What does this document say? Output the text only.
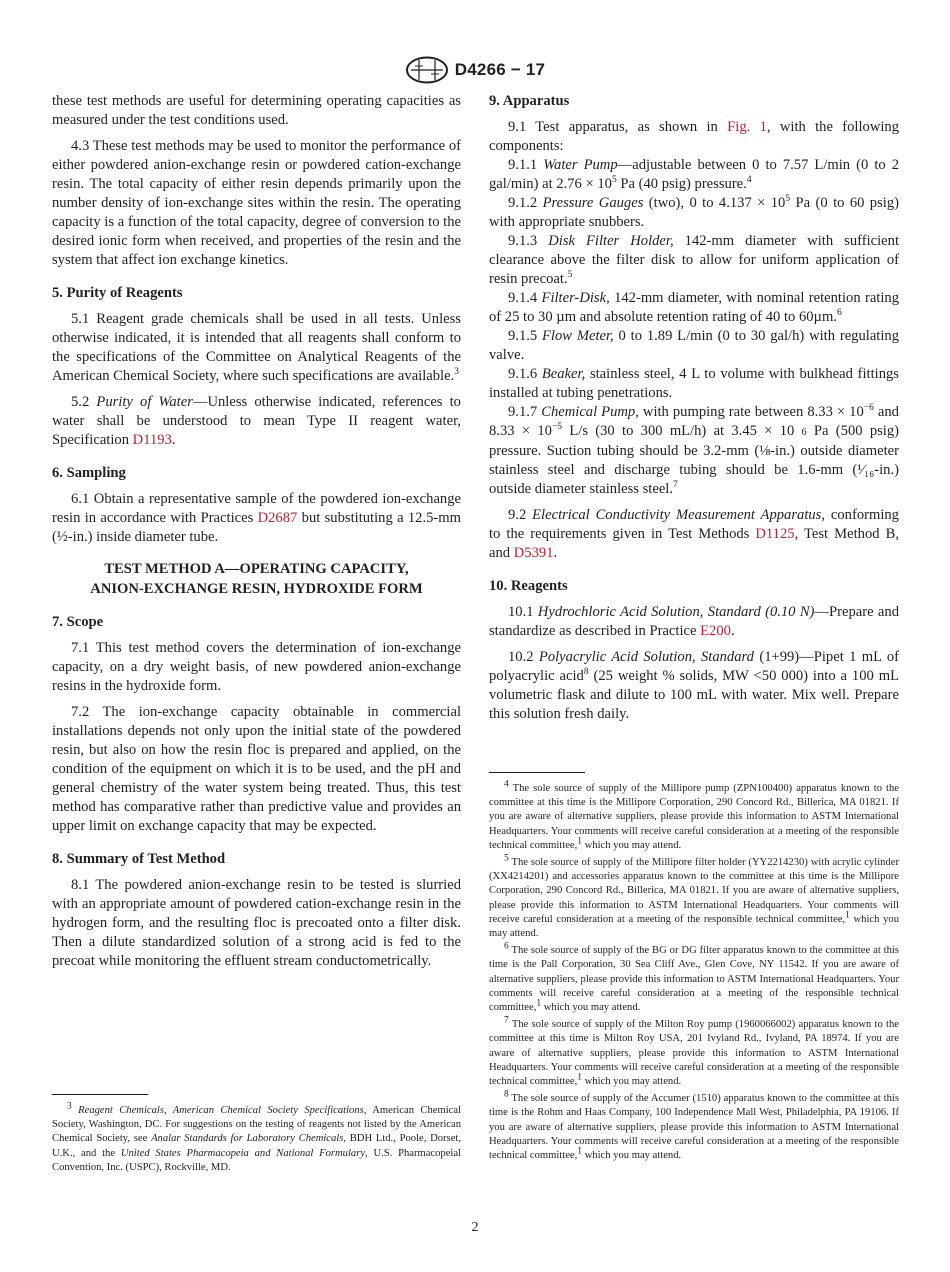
D4266 − 17

these test methods are useful for determining operating capacities as measured under the test conditions used.

4.3 These test methods may be used to monitor the performance of either powdered anion-exchange resin or powdered cation-exchange resin. The total capacity of either resin depends primarily upon the number density of ion-exchange sites within the resin. The operating capacity is a function of the total capacity, degree of conversion to the desired ionic form when received, and properties of the resin and the system that affect ion exchange kinetics.

5. Purity of Reagents

5.1 Reagent grade chemicals shall be used in all tests. Unless otherwise indicated, it is intended that all reagents shall conform to the specifications of the Committee on Analytical Reagents of the American Chemical Society, where such specifications are available.$^3$

5.2 Purity of Water—Unless otherwise indicated, references to water shall be understood to mean Type II reagent water, Specification D1193.

6. Sampling

6.1 Obtain a representative sample of the powdered ion-exchange resin in accordance with Practices D2687 but substituting a 12.5-mm (½-in.) inside diameter tube.

TEST METHOD A—OPERATING CAPACITY,
ANION-EXCHANGE RESIN, HYDROXIDE FORM

7. Scope

7.1 This test method covers the determination of ion-exchange capacity, on a dry weight basis, of new powdered anion-exchange resins in the hydroxide form.

7.2 The ion-exchange capacity obtainable in commercial installations depends not only upon the initial state of the powdered resin, but also on how the resin floc is prepared and applied, on the condition of the equipment on which it is to be used, and the pH and general chemistry of the water system being treated. Thus, this test method has comparative rather than predictive value and provides an upper limit on exchange capacity that may be expected.

8. Summary of Test Method

8.1 The powdered anion-exchange resin to be tested is slurried with an appropriate amount of powdered cation-exchange resin in the hydrogen form, and the resulting floc is precoated onto a filter disk. Then a dilute standardized solution of a strong acid is fed to the precoat while monitoring the effluent stream conductometrically.

9. Apparatus

9.1 Test apparatus, as shown in Fig. 1, with the following components:

9.1.1 Water Pump—adjustable between 0 to 7.57 L/min (0 to 2 gal/min) at $2.76 \times 10^5$ Pa (40 psig) pressure.$^4$

9.1.2 Pressure Gauges (two), 0 to $4.137 \times 10^5$ Pa (0 to 60 psig) with appropriate snubbers.

9.1.3 Disk Filter Holder, 142-mm diameter with sufficient clearance above the filter disk to allow for uniform application of resin precoat.$^5$

9.1.4 Filter-Disk, 142-mm diameter, with nominal retention rating of 25 to 30 µm and absolute retention rating of 40 to 60µm.$^6$

9.1.5 Flow Meter, 0 to 1.89 L/min (0 to 30 gal/h) with regulating valve.

9.1.6 Beaker, stainless steel, 4 L to volume with bulkhead fittings installed at tubing penetrations.

9.1.7 Chemical Pump, with pumping rate between $8.33 \times 10^{-6}$ and $8.33 \times 10^{-5}$ L/s (30 to 300 mL/h) at 3.45 × 10 6 Pa (500 psig) pressure. Suction tubing should be 3.2-mm (⅛-in.) outside diameter stainless steel and discharge tubing should be 1.6-mm (¹⁄₁₆-in.) outside diameter stainless steel.$^7$

9.2 Electrical Conductivity Measurement Apparatus, conforming to the requirements given in Test Methods D1125, Test Method B, and D5391.

10. Reagents

10.1 Hydrochloric Acid Solution, Standard (0.10 N)—Prepare and standardize as described in Practice E200.

10.2 Polyacrylic Acid Solution, Standard (1+99)—Pipet 1 mL of polyacrylic acid$^8$ (25 weight % solids, MW <50 000) into a 100 mL volumetric flask and dilute to 100 mL with water. Mix well. Prepare this solution fresh daily.

$^3$ Reagent Chemicals, American Chemical Society Specifications, American Chemical Society, Washington, DC. For suggestions on the testing of reagents not listed by the American Chemical Society, see Analar Standards for Laboratory Chemicals, BDH Ltd., Poole, Dorset, U.K., and the United States Pharmacopeia and National Formulary, U.S. Pharmacopeial Convention, Inc. (USPC), Rockville, MD.

$^4$ The sole source of supply of the Millipore pump (ZPN100400) apparatus known to the committee at this time is the Millipore Corporation, 290 Concord Rd., Billerica, MA 01821. If you are aware of alternative suppliers, please provide this information to ASTM International Headquarters. Your comments will receive careful consideration at a meeting of the responsible technical committee,$^1$ which you may attend.

$^5$ The sole source of supply of the Millipore filter holder (YY2214230) with acrylic cylinder (XX4214201) and accessories apparatus known to the committee at this time is the Millipore Corporation, 290 Concord Rd., Billerica, MA 01821. If you are aware of alternative suppliers, please provide this information to ASTM International Headquarters. Your comments will receive careful consideration at a meeting of the responsible technical committee,$^1$ which you may attend.

$^6$ The sole source of supply of the BG or DG filter apparatus known to the committee at this time is the Pall Corporation, 30 Sea Cliff Ave., Glen Cove, NY 11542. If you are aware of alternative suppliers, please provide this information to ASTM International Headquarters. Your comments will receive careful consideration at a meeting of the responsible technical committee,$^1$ which you may attend.

$^7$ The sole source of supply of the Milton Roy pump (1960066002) apparatus known to the committee at this time is Milton Roy USA, 201 Ivyland Rd., Ivyland, PA 18974. If you are aware of alternative suppliers, please provide this information to ASTM International Headquarters. Your comments will receive careful consideration at a meeting of the responsible technical committee,$^1$ which you may attend.

$^8$ The sole source of supply of the Accumer (1510) apparatus known to the committee at this time is the Rohm and Haas Company, 100 Independence Mall West, Philadelphia, PA 19106. If you are aware of alternative suppliers, please provide this information to ASTM International Headquarters. Your comments will receive careful consideration at a meeting of the responsible technical committee,$^1$ which you may attend.

2
